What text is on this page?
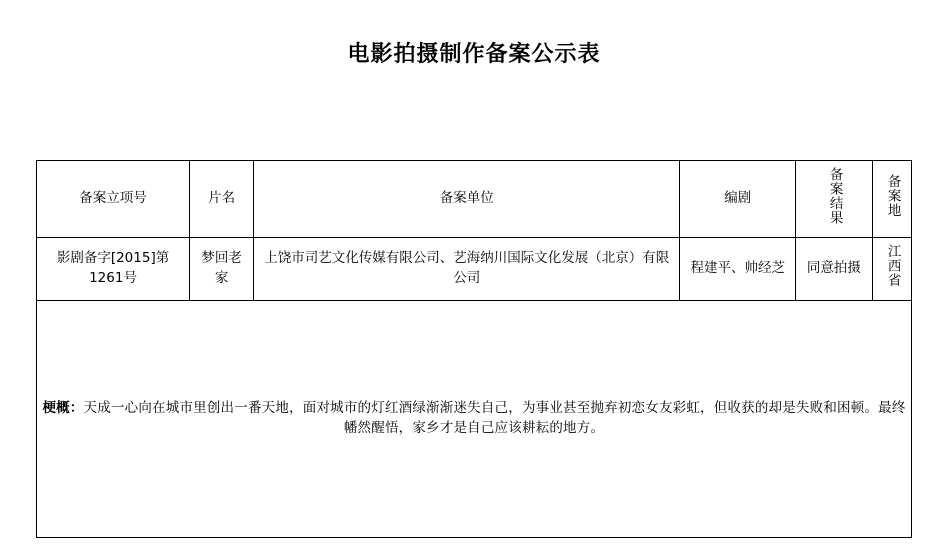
电影拍摄制作备案公示表
备案立项号	片名	备案单位	编剧	备案结果	备案地
影剧备字[2015]第1261号	梦回老家	上饶市司艺文化传媒有限公司、艺海纳川国际文化发展（北京）有限公司	程建平、帅经芝	同意拍摄	江西省
梗概：天成一心向在城市里创出一番天地，面对城市的灯红酒绿渐渐迷失自己，为事业甚至抛弃初恋女友彩虹，但收获的却是失败和困顿。最终幡然醒悟，家乡才是自己应该耕耘的地方。					
